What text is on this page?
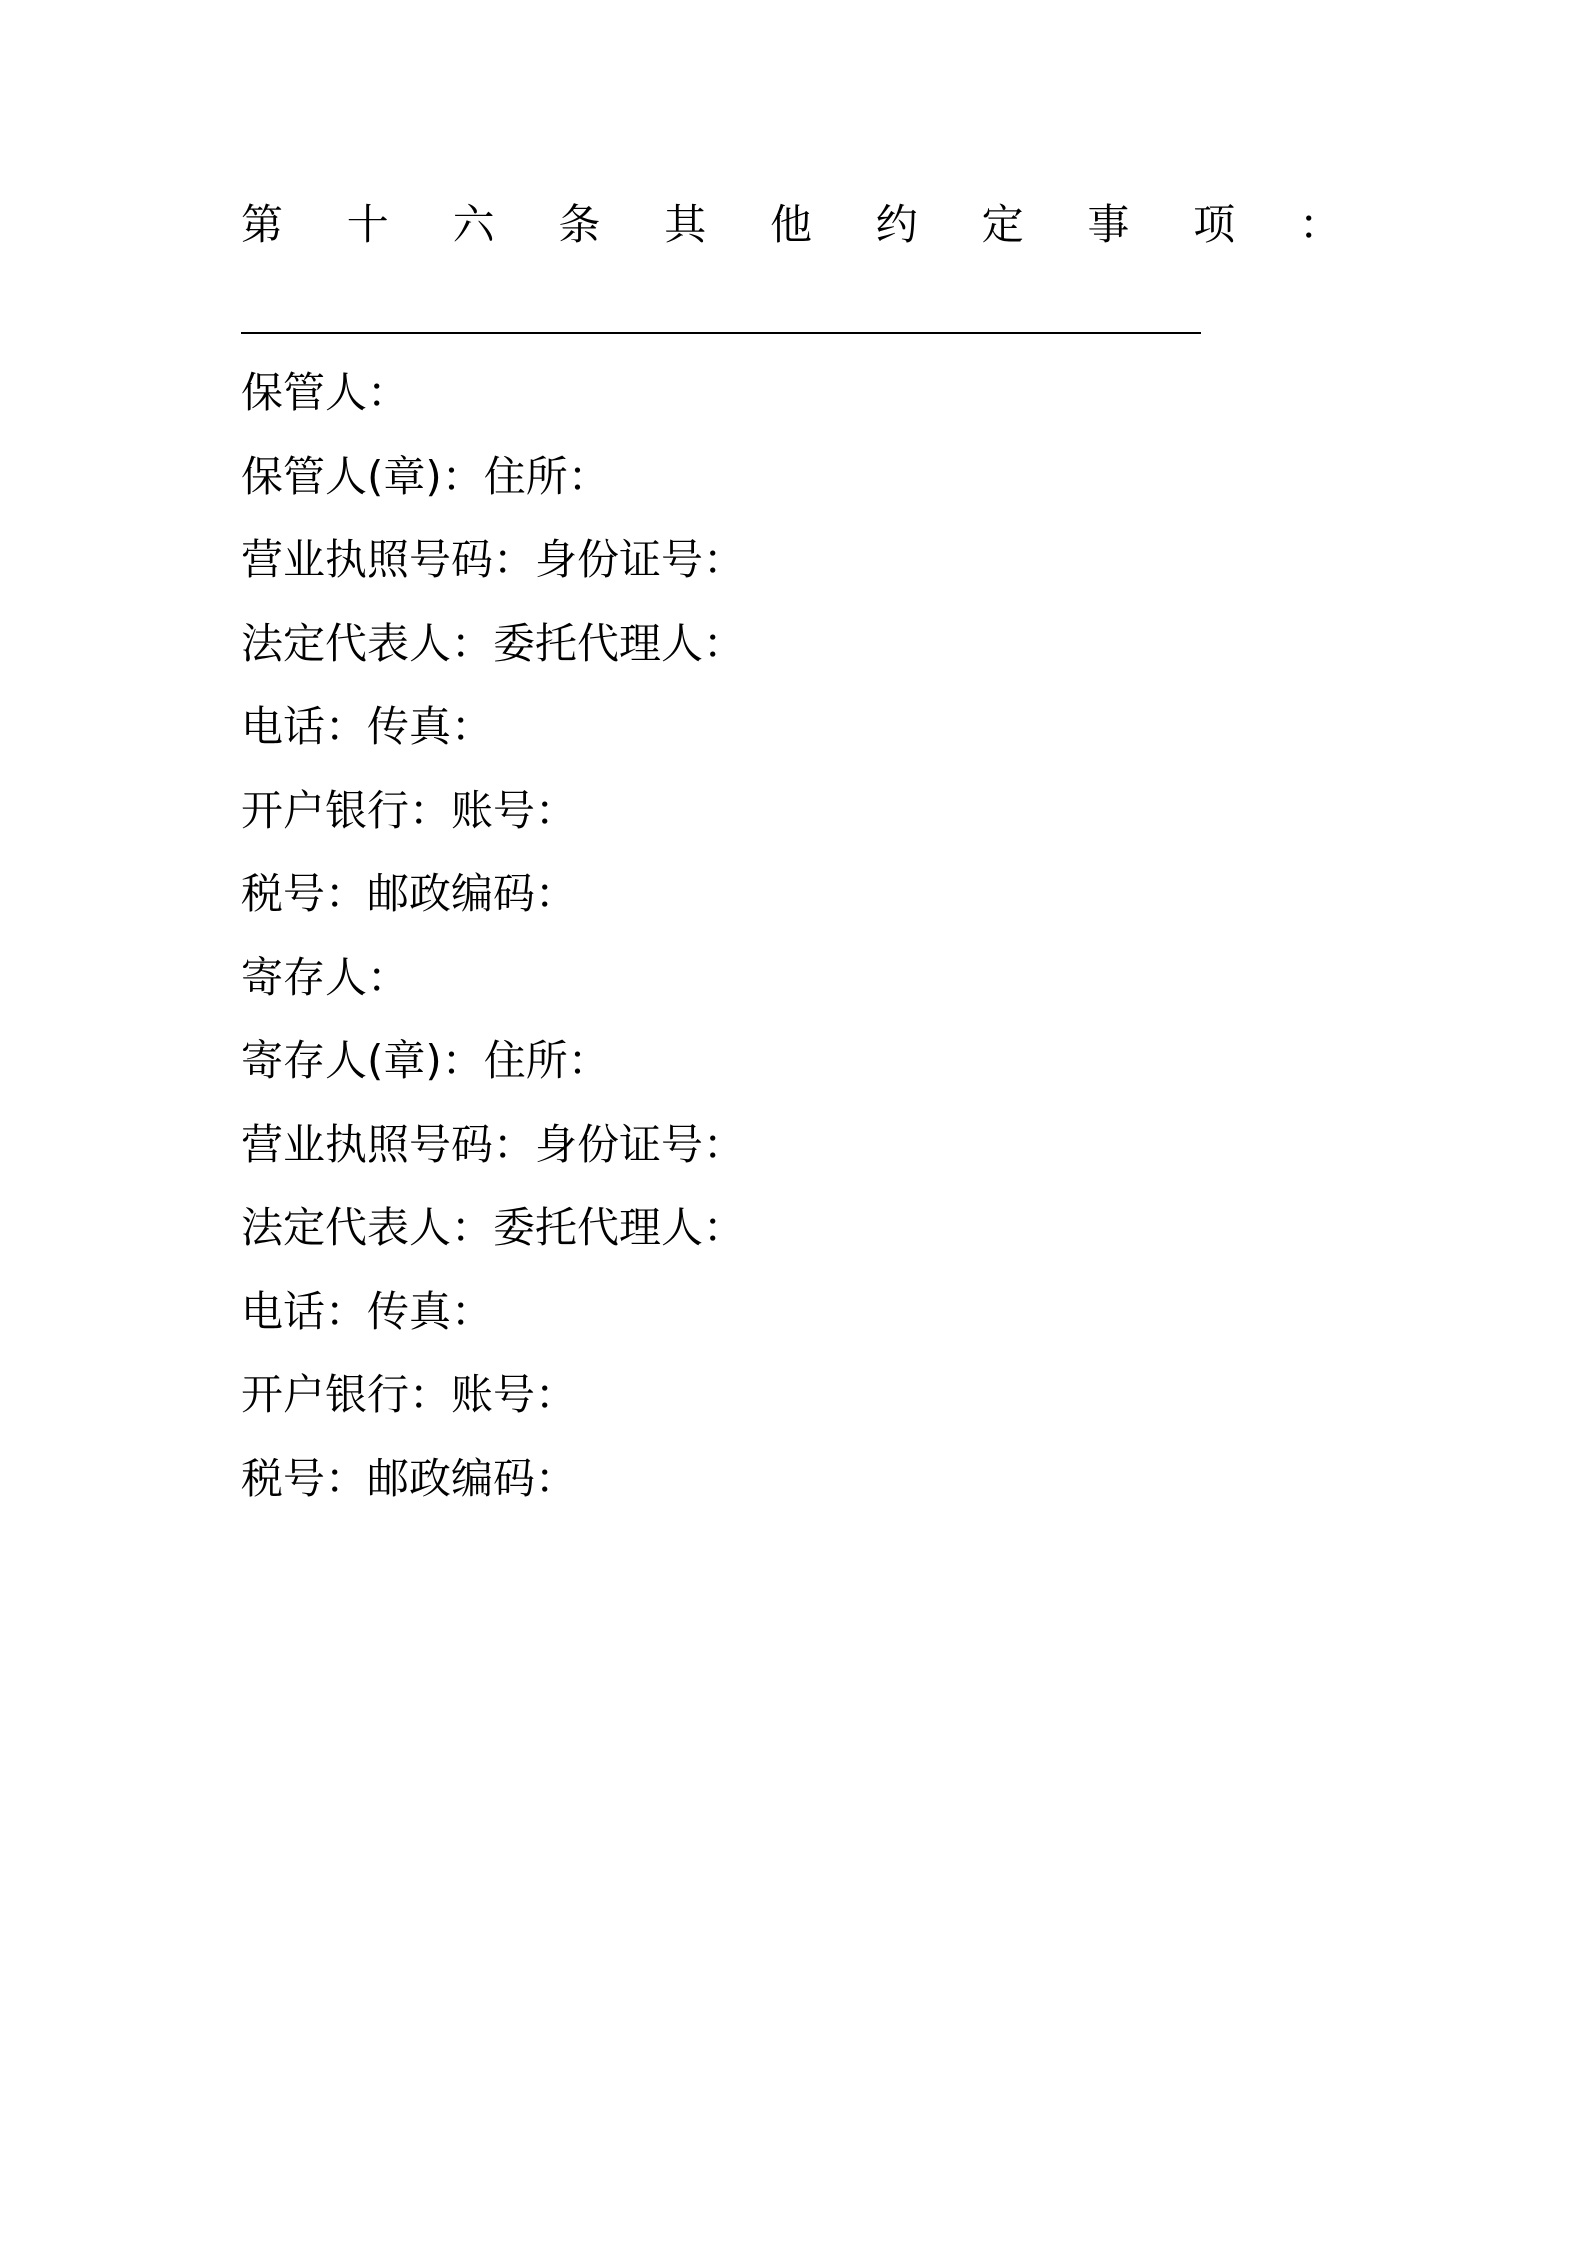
第 十 六 条 其 他 约 定 事 项 ：
保管人：
保管人(章)：住所：
营业执照号码：身份证号：
法定代表人：委托代理人：
电话：传真：
开户银行：账号：
税号：邮政编码：
寄存人：
寄存人(章)：住所：
营业执照号码：身份证号：
法定代表人：委托代理人：
电话：传真：
开户银行：账号：
税号：邮政编码：
